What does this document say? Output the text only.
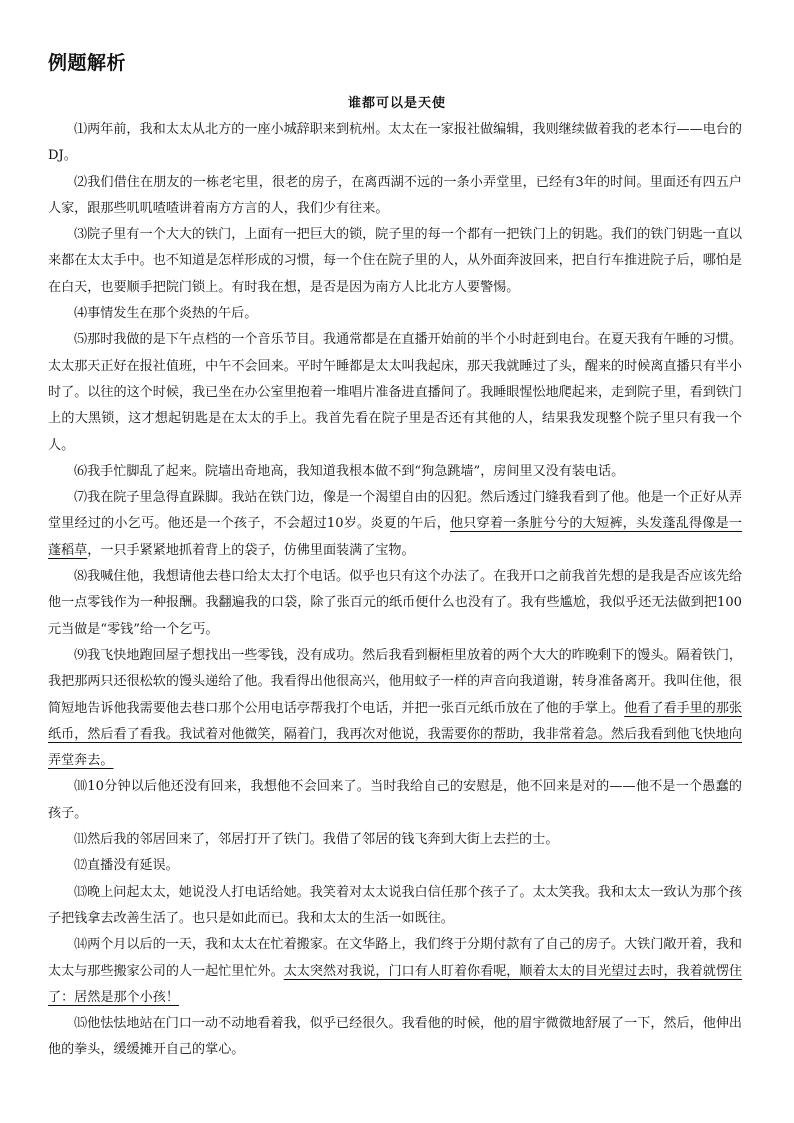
例题解析
谁都可以是天使

⑴两年前，我和太太从北方的一座小城辞职来到杭州。太太在一家报社做编辑，我则继续做着我的老本行——电台的DJ。

⑵我们借住在朋友的一栋老宅里，很老的房子，在离西湖不远的一条小弄堂里，已经有3年的时间。里面还有四五户人家，跟那些叽叽喳喳讲着南方方言的人，我们少有往来。

⑶院子里有一个大大的铁门，上面有一把巨大的锁，院子里的每一个都有一把铁门上的钥匙。我们的铁门钥匙一直以来都在太太手中。也不知道是怎样形成的习惯，每一个住在院子里的人，从外面奔波回来，把自行车推进院子后，哪怕是在白天，也要顺手把院门锁上。有时我在想，是否是因为南方人比北方人要警惕。

⑷事情发生在那个炎热的午后。

⑸那时我做的是下午点档的一个音乐节目。我通常都是在直播开始前的半个小时赶到电台。在夏天我有午睡的习惯。太太那天正好在报社值班，中午不会回来。平时午睡都是太太叫我起床，那天我就睡过了头，醒来的时候离直播只有半小时了。以往的这个时候，我已坐在办公室里抱着一堆唱片准备进直播间了。我睡眼惺忪地爬起来，走到院子里，看到铁门上的大黑锁，这才想起钥匙是在太太的手上。我首先看在院子里是否还有其他的人，结果我发现整个院子里只有我一个人。

⑹我手忙脚乱了起来。院墙出奇地高，我知道我根本做不到“狗急跳墙”，房间里又没有装电话。

⑺我在院子里急得直跺脚。我站在铁门边，像是一个渴望自由的囚犯。然后透过门缝我看到了他。他是一个正好从弄堂里经过的小乞丐。他还是一个孩子，不会超过10岁。炎夏的午后，他只穿着一条脏兮兮的大短裤，头发蓬乱得像是一蓬稻草，一只手紧紧地抓着背上的袋子，仿佛里面装满了宝物。

⑻我喊住他，我想请他去巷口给太太打个电话。似乎也只有这个办法了。在我开口之前我首先想的是我是否应该先给他一点零钱作为一种报酬。我翻遍我的口袋，除了张百元的纸币便什么也没有了。我有些尴尬，我似乎还无法做到把100元当做是“零钱”给一个乞丐。

⑼我飞快地跑回屋子想找出一些零钱，没有成功。然后我看到橱柜里放着的两个大大的昨晚剩下的馒头。隔着铁门，我把那两只还很松软的馒头递给了他。我看得出他很高兴，他用蚊子一样的声音向我道谢，转身准备离开。我叫住他，很简短地告诉他我需要他去巷口那个公用电话亭帮我打个电话，并把一张百元纸币放在了他的手掌上。他看了看手里的那张纸币，然后看了看我。我试着对他微笑，隔着门，我再次对他说，我需要你的帮助，我非常着急。然后我看到他飞快地向弄堂奔去。

⑽10分钟以后他还没有回来，我想他不会回来了。当时我给自己的安慰是，他不回来是对的——他不是一个愚蠢的孩子。

⑾然后我的邻居回来了，邻居打开了铁门。我借了邻居的钱飞奔到大街上去拦的士。

⑿直播没有延误。

⒀晚上问起太太，她说没人打电话给她。我笑着对太太说我白信任那个孩子了。太太笑我。我和太太一致认为那个孩子把钱拿去改善生活了。也只是如此而已。我和太太的生活一如既往。

⒁两个月以后的一天，我和太太在忙着搬家。在文华路上，我们终于分期付款有了自己的房子。大铁门敞开着，我和太太与那些搬家公司的人一起忙里忙外。太太突然对我说，门口有人盯着你看呢，顺着太太的目光望过去时，我着就愣住了：居然是那个小孩！

⒂他怯怯地站在门口一动不动地看着我，似乎已经很久。我看他的时候，他的眉宇微微地舒展了一下，然后，他伸出他的拳头，缓缓摊开自己的掌心。
